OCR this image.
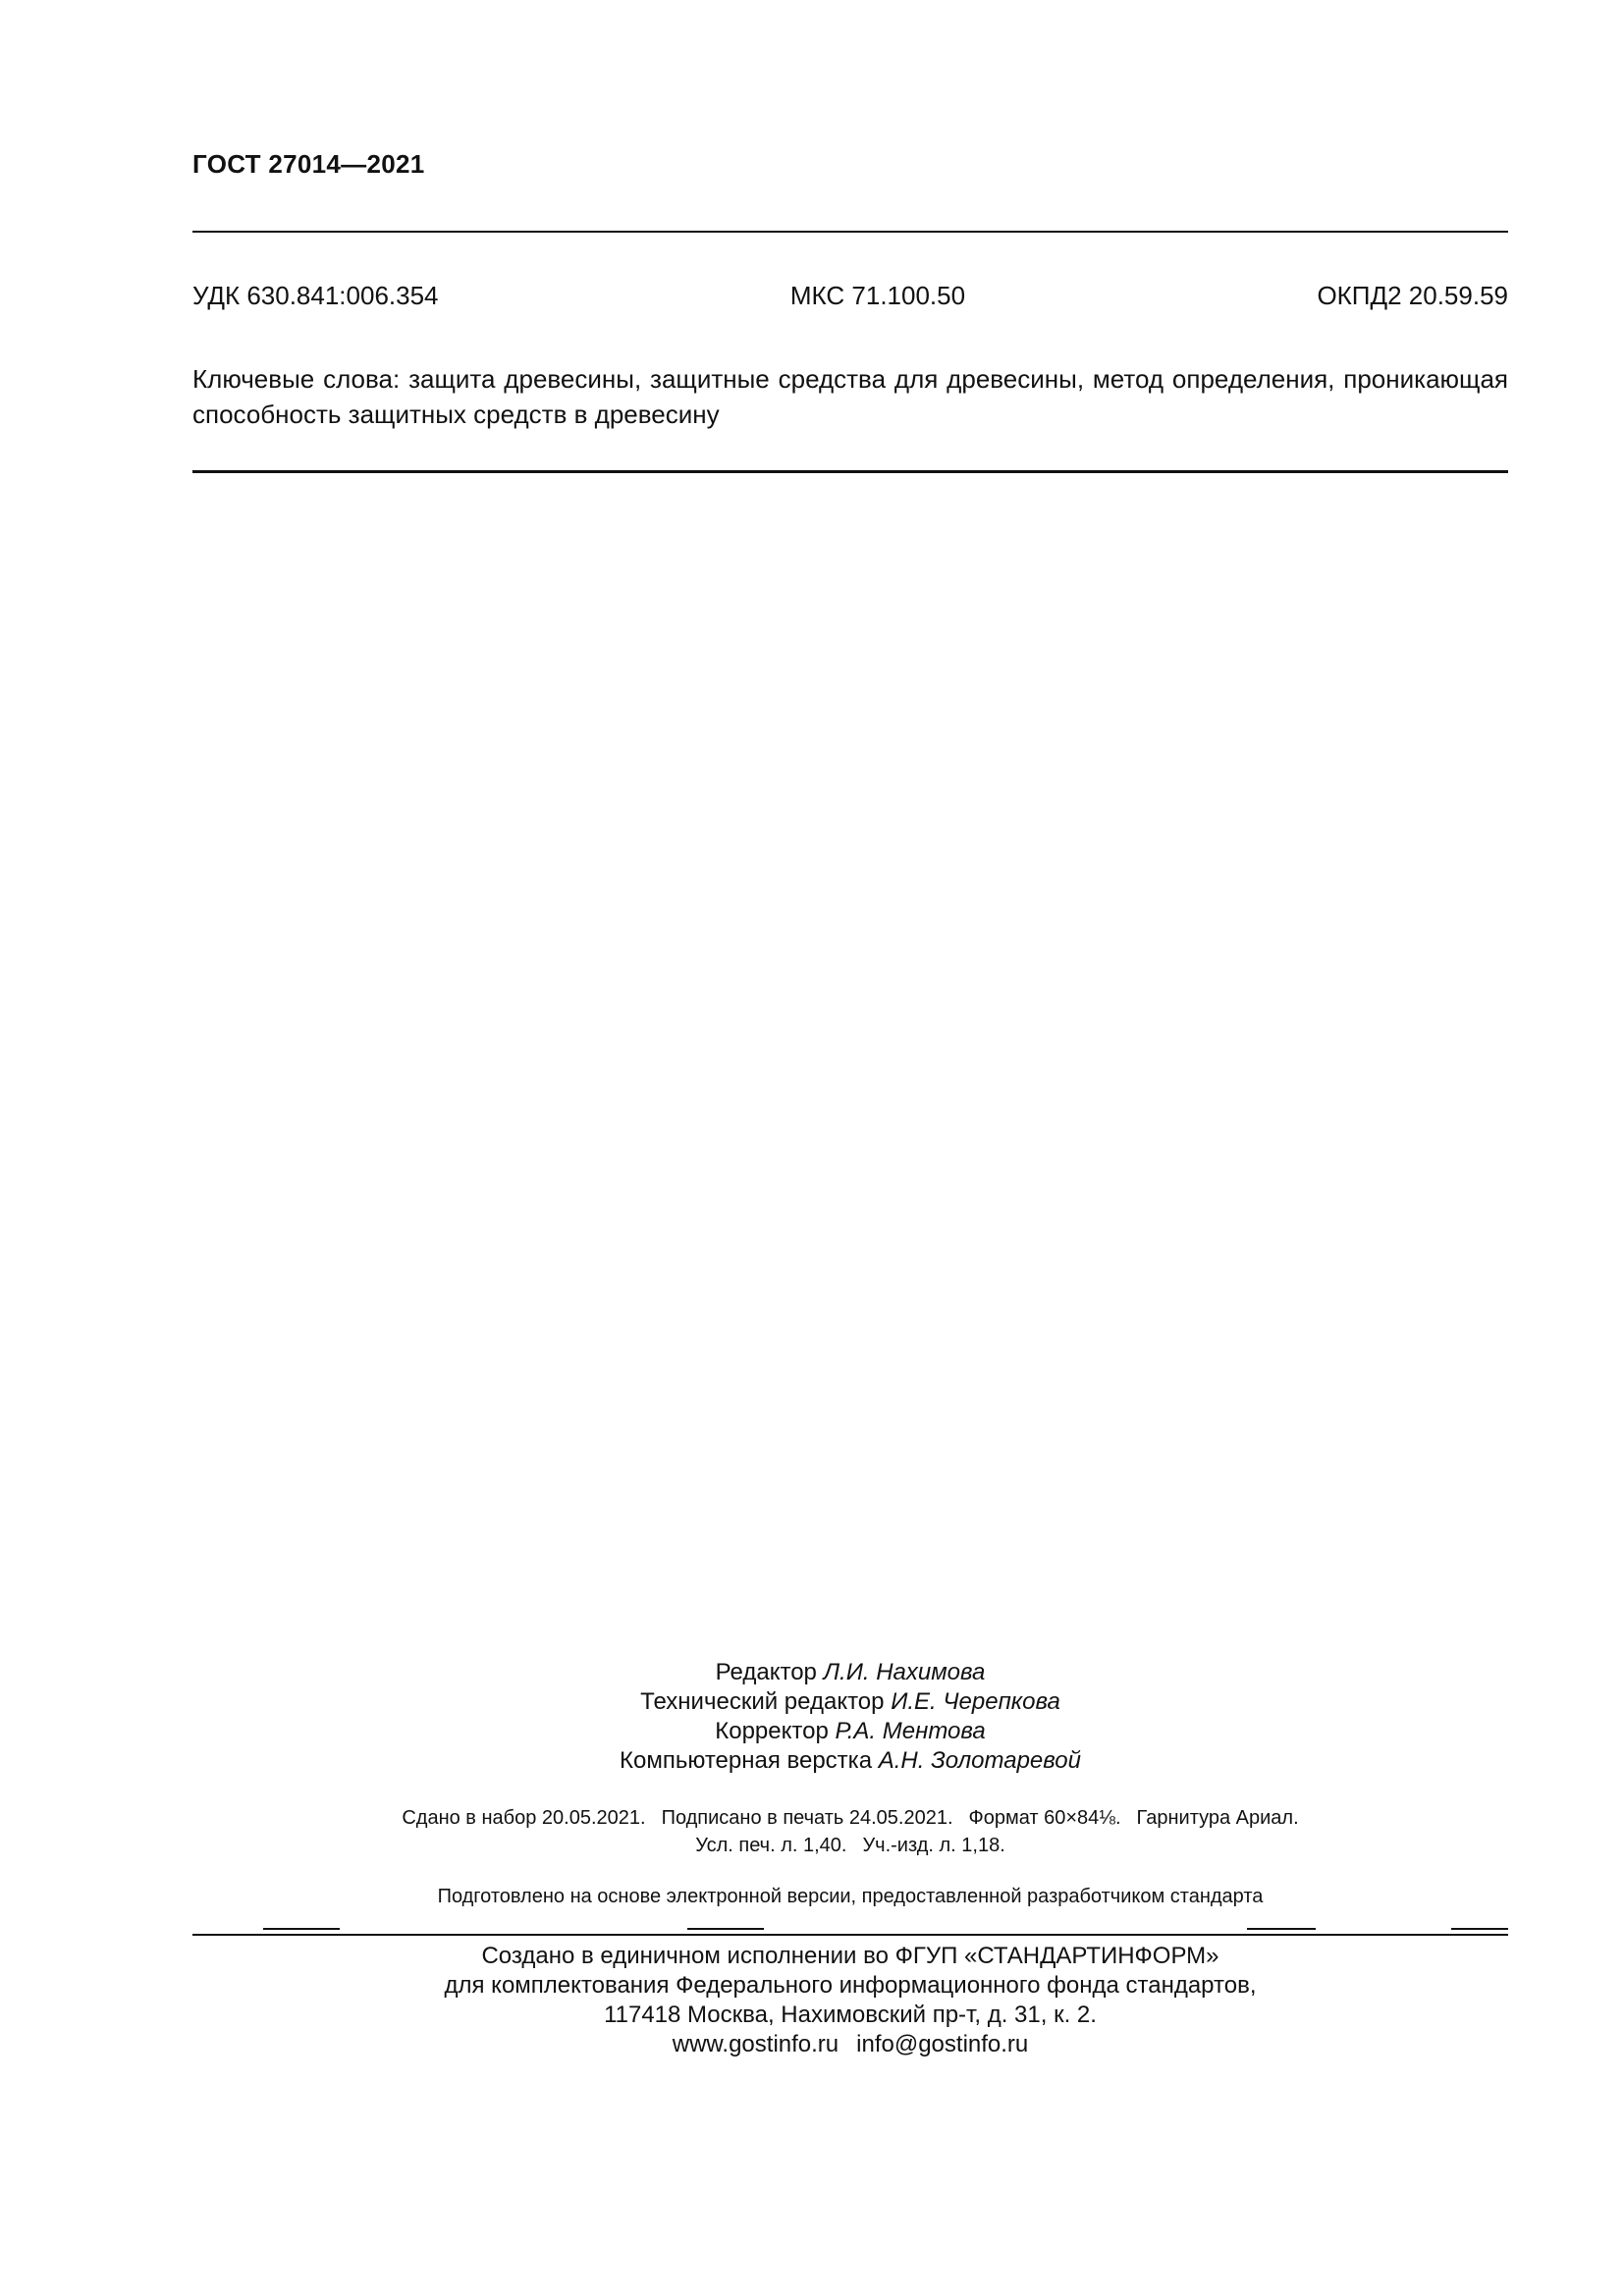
ГОСТ 27014—2021
УДК 630.841:006.354	МКС 71.100.50	ОКПД2 20.59.59
Ключевые слова: защита древесины, защитные средства для древесины, метод определения, проникающая способность защитных средств в древесину
Редактор Л.И. Нахимова
Технический редактор И.Е. Черепкова
Корректор Р.А. Ментова
Компьютерная верстка А.Н. Золотаревой
Сдано в набор 20.05.2021. Подписано в печать 24.05.2021. Формат 60×84⅛. Гарнитура Ариал.
Усл. печ. л. 1,40. Уч.-изд. л. 1,18.
Подготовлено на основе электронной версии, предоставленной разработчиком стандарта
Создано в единичном исполнении во ФГУП «СТАНДАРТИНФОРМ»
для комплектования Федерального информационного фонда стандартов,
117418 Москва, Нахимовский пр-т, д. 31, к. 2.
www.gostinfo.ru info@gostinfo.ru
